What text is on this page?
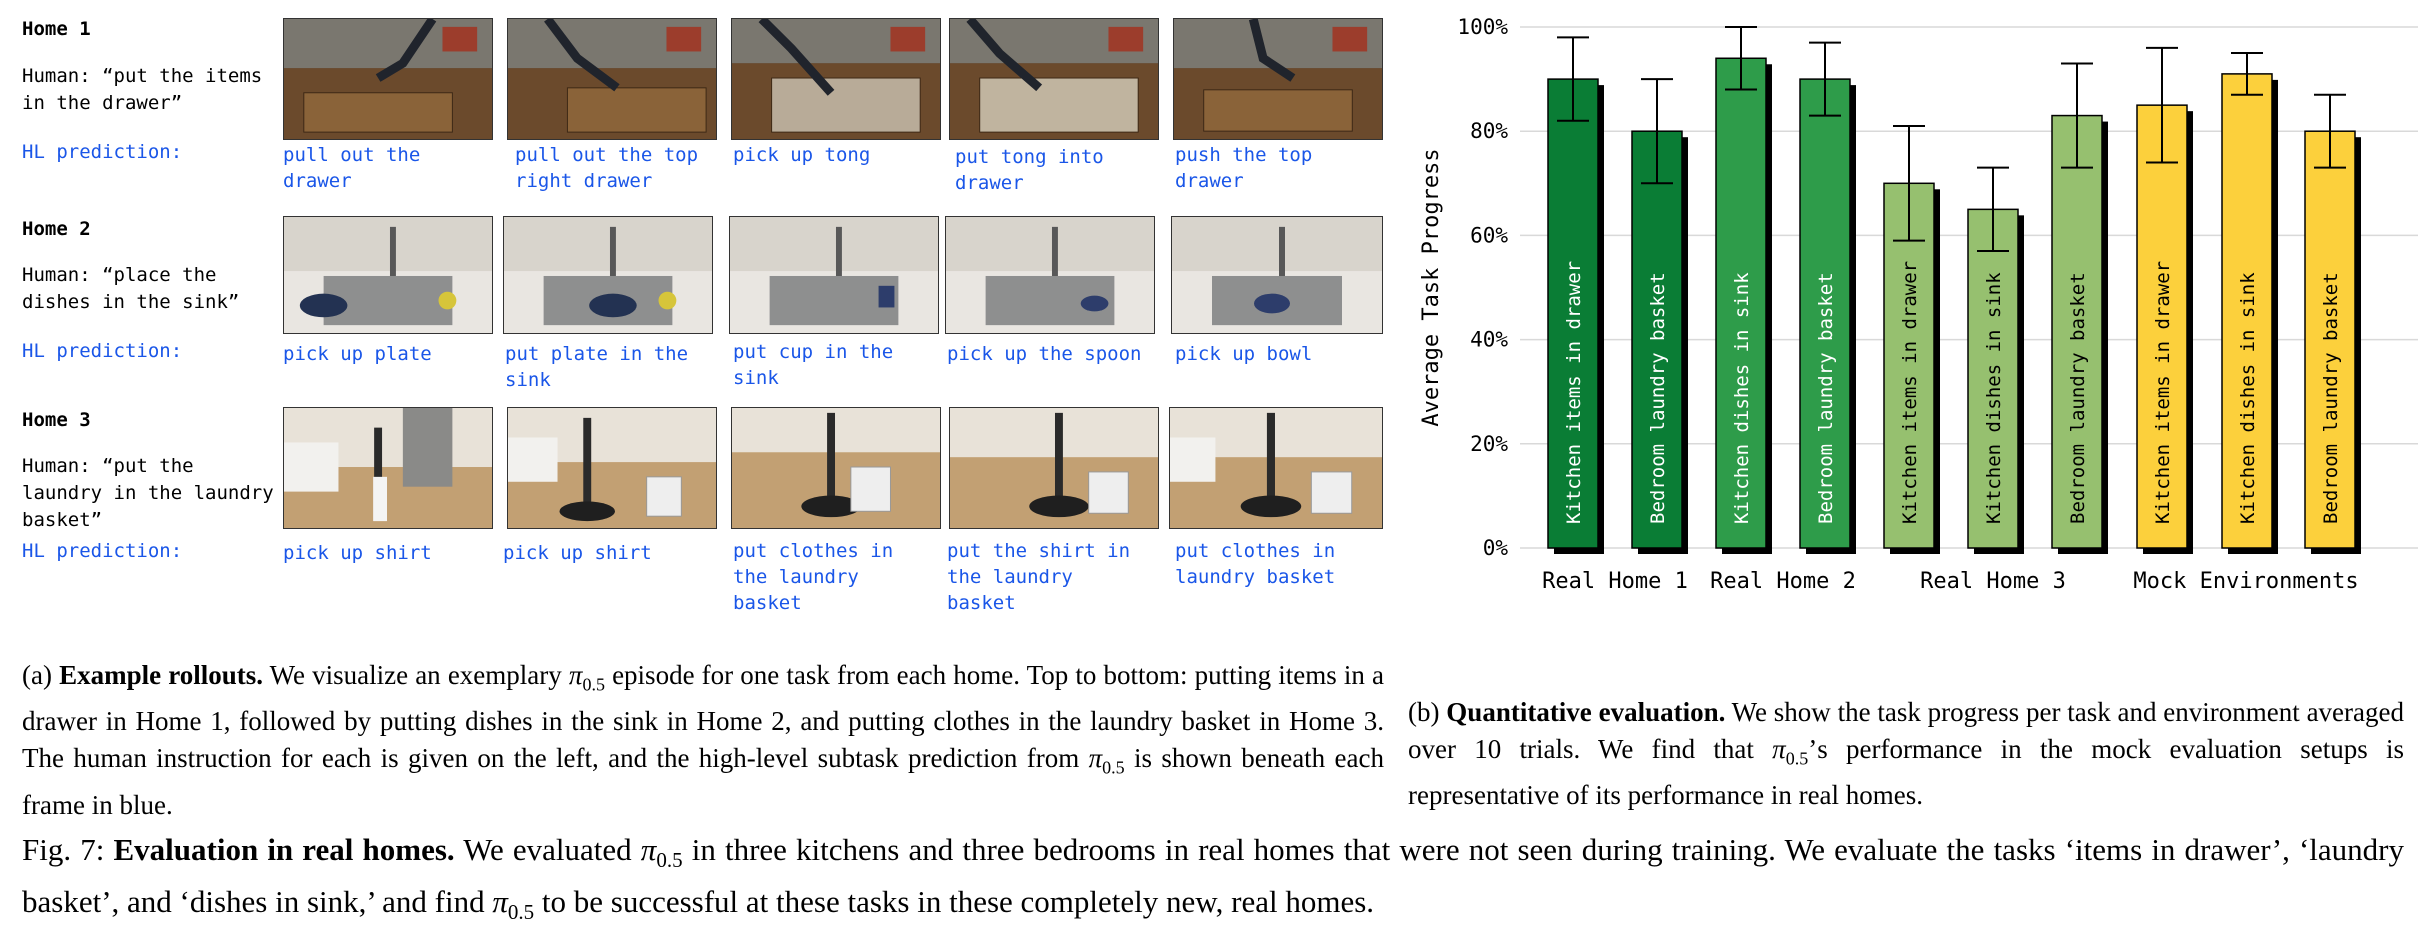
Home 1
Human: “put the items in the drawer”
HL prediction:
Home 2
Human: “place the dishes in the sink”
HL prediction:
Home 3
Human: “put the laundry in the laundry basket”
HL prediction:
pull out the drawer
pull out the top right drawer
pick up tong	put tong into drawer
push the top drawer
pick up plate	put plate in the sink
put cup in the sink
pick up the spoon	pick up bowl
pick up shirt	pick up shirt	put clothes in the laundry basket
put the shirt in the laundry basket
put clothes in laundry basket
0%
20%
40%
60%
80%
100%
Average Task Progress	Kitchen items in drawer	Bedroom laundry basket	Kitchen dishes in sink	Bedroom laundry basket	Kitchen items in drawer	Kitchen dishes in sink	Bedroom laundry basket	Kitchen items in drawer	Kitchen dishes in sink	Bedroom laundry basket
Real Home 1 Real Home 2	Real Home 3	Mock Environments
(a) Example rollouts. We visualize an exemplary $\pi_{0.5}$ episode for one task from each home. Top to bottom: putting items in a drawer in Home 1, followed by putting dishes in the sink in Home 2, and putting clothes in the laundry basket in Home 3. The human instruction for each is given on the left, and the high-level subtask prediction from $\pi_{0.5}$ is shown beneath each frame in blue.
(b) Quantitative evaluation. We show the task progress per task and environment averaged over 10 trials. We find that $\pi_{0.5}’s$ performance in the mock evaluation setups is representative of its performance in real homes.
Fig. 7: Evaluation in real homes. We evaluated $\pi_{0.5}$ in three kitchens and three bedrooms in real homes that were not seen during training. We evaluate the tasks ‘items in drawer’, ‘laundry basket’, and ‘dishes in sink,’ and find $\pi_{0.5}$ to be successful at these tasks in these completely new, real homes.
